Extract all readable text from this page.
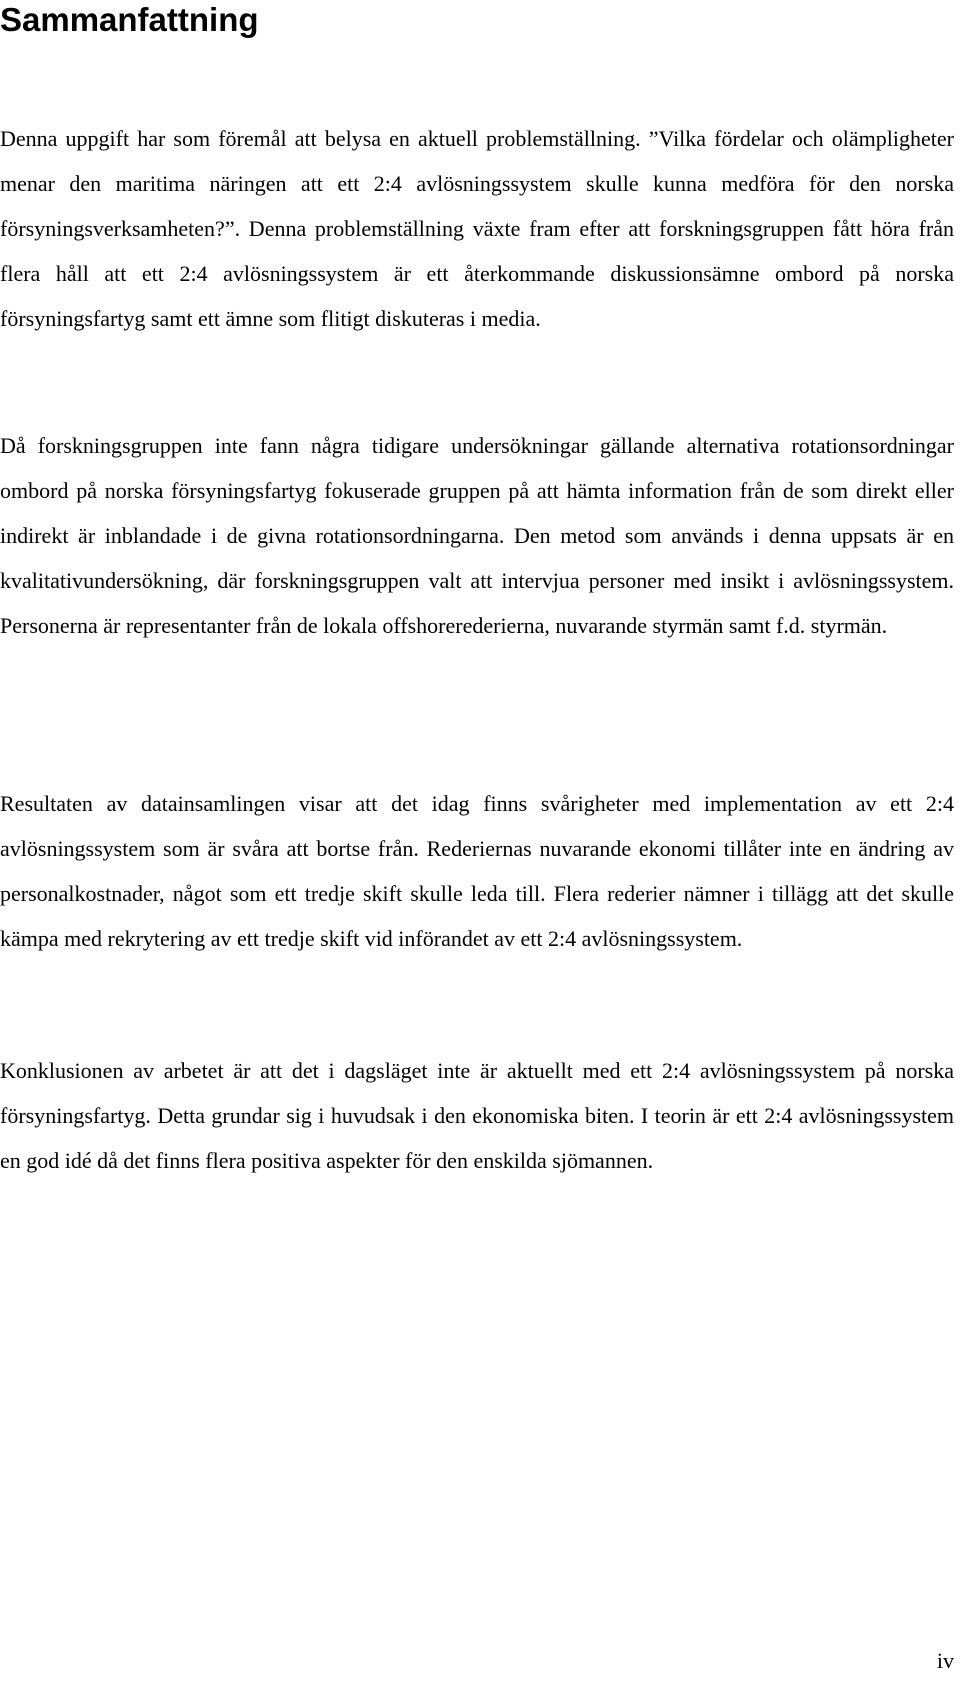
Sammanfattning

Denna uppgift har som föremål att belysa en aktuell problemställning. ”Vilka fördelar och olämpligheter menar den maritima näringen att ett 2:4 avlösningssystem skulle kunna medföra för den norska försyningsverksamheten?”. Denna problemställning växte fram efter att forskningsgruppen fått höra från flera håll att ett 2:4 avlösningssystem är ett återkommande diskussionsämne ombord på norska försyningsfartyg samt ett ämne som flitigt diskuteras i media.

Då forskningsgruppen inte fann några tidigare undersökningar gällande alternativa rotationsordningar ombord på norska försyningsfartyg fokuserade gruppen på att hämta information från de som direkt eller indirekt är inblandade i de givna rotationsordningarna. Den metod som används i denna uppsats är en kvalitativundersökning, där forskningsgruppen valt att intervjua personer med insikt i avlösningssystem. Personerna är representanter från de lokala offshorerederierna, nuvarande styrmän samt f.d. styrmän.

Resultaten av datainsamlingen visar att det idag finns svårigheter med implementation av ett 2:4 avlösningssystem som är svåra att bortse från. Rederiernas nuvarande ekonomi tillåter inte en ändring av personalkostnader, något som ett tredje skift skulle leda till. Flera rederier nämner i tillägg att det skulle kämpa med rekrytering av ett tredje skift vid införandet av ett 2:4 avlösningssystem.

Konklusionen av arbetet är att det i dagsläget inte är aktuellt med ett 2:4 avlösningssystem på norska försyningsfartyg. Detta grundar sig i huvudsak i den ekonomiska biten. I teorin är ett 2:4 avlösningssystem en god idé då det finns flera positiva aspekter för den enskilda sjömannen.

iv
